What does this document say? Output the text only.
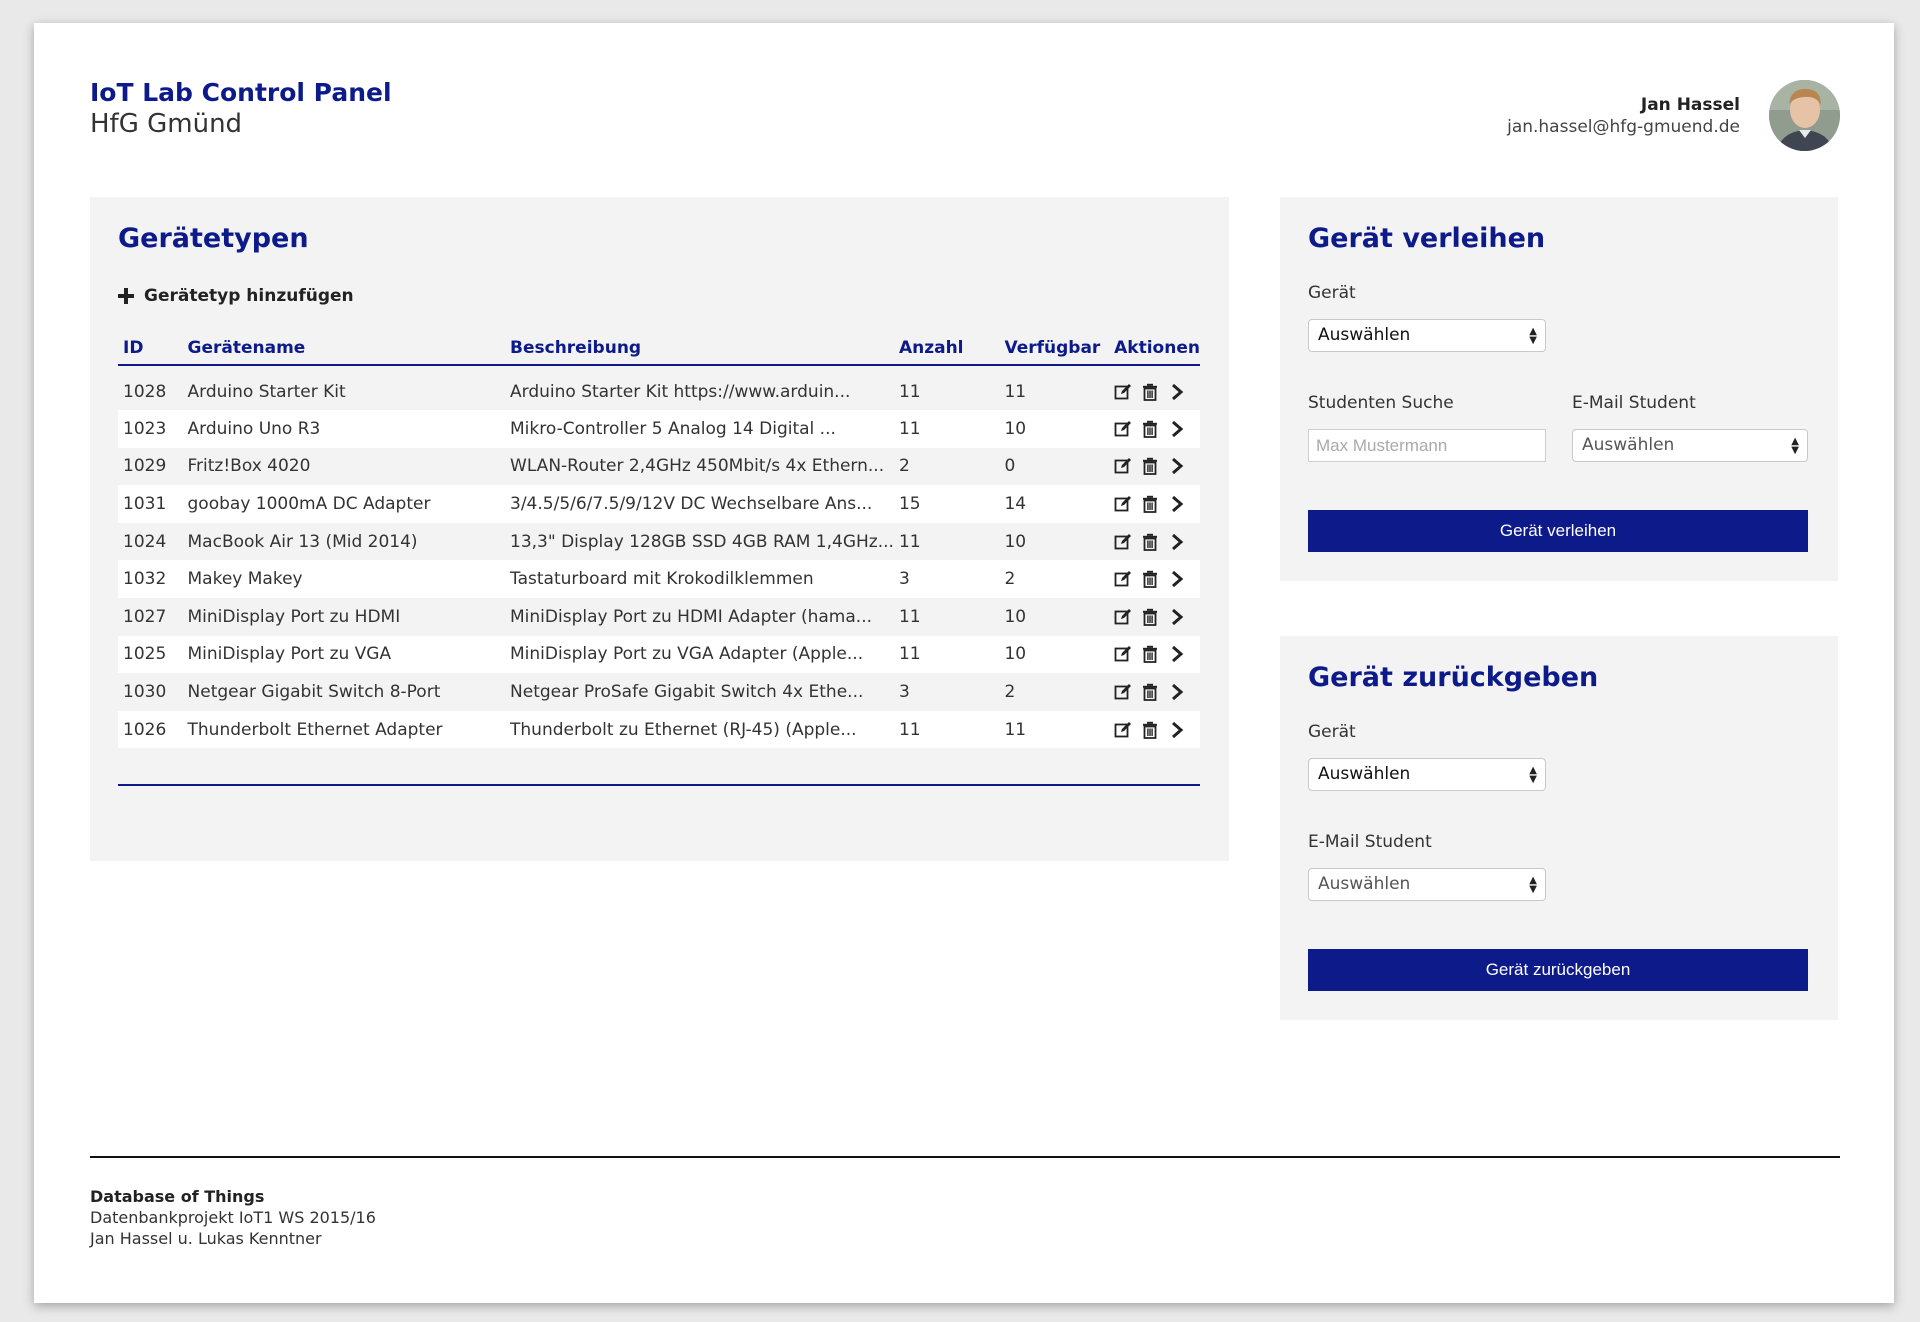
IoT Lab Control Panel
HfG Gmünd
Jan Hassel
jan.hassel@hfg-gmuend.de
Gerätetypen
Gerätetyp hinzufügen
ID	Gerätename	Beschreibung	Anzahl	Verfügbar	Aktionen
1028	Arduino Starter Kit	Arduino Starter Kit https://www.arduin...	11	11	

1023	Arduino Uno R3	Mikro-Controller 5 Analog 14 Digital ...	11	10	

1029	Fritz!Box 4020	WLAN-Router 2,4GHz 450Mbit/s 4x Ethern...	2	0	

1031	goobay 1000mA DC Adapter	3/4.5/5/6/7.5/9/12V DC Wechselbare Ans...	15	14	

1024	MacBook Air 13 (Mid 2014)	13,3" Display 128GB SSD 4GB RAM 1,4GHz...	11	10	

1032	Makey Makey	Tastaturboard mit Krokodilklemmen	3	2	

1027	MiniDisplay Port zu HDMI	MiniDisplay Port zu HDMI Adapter (hama...	11	10	

1025	MiniDisplay Port zu VGA	MiniDisplay Port zu VGA Adapter (Apple...	11	10	

1030	Netgear Gigabit Switch 8-Port	Netgear ProSafe Gigabit Switch 4x Ethe...	3	2	

1026	Thunderbolt Ethernet Adapter	Thunderbolt zu Ethernet (RJ-45) (Apple...	11	11	
Gerät verleihen
Gerät
Auswählen	▲
▼
Studenten Suche
Max Mustermann	E-Mail Student
Auswählen	▲
▼
Gerät verleihen
Gerät zurückgeben
Gerät
Auswählen	▲
▼
E-Mail Student
Auswählen	▲
▼
Gerät zurückgeben
Database of Things
Datenbankprojekt IoT1 WS 2015/16
Jan Hassel u. Lukas Kenntner
